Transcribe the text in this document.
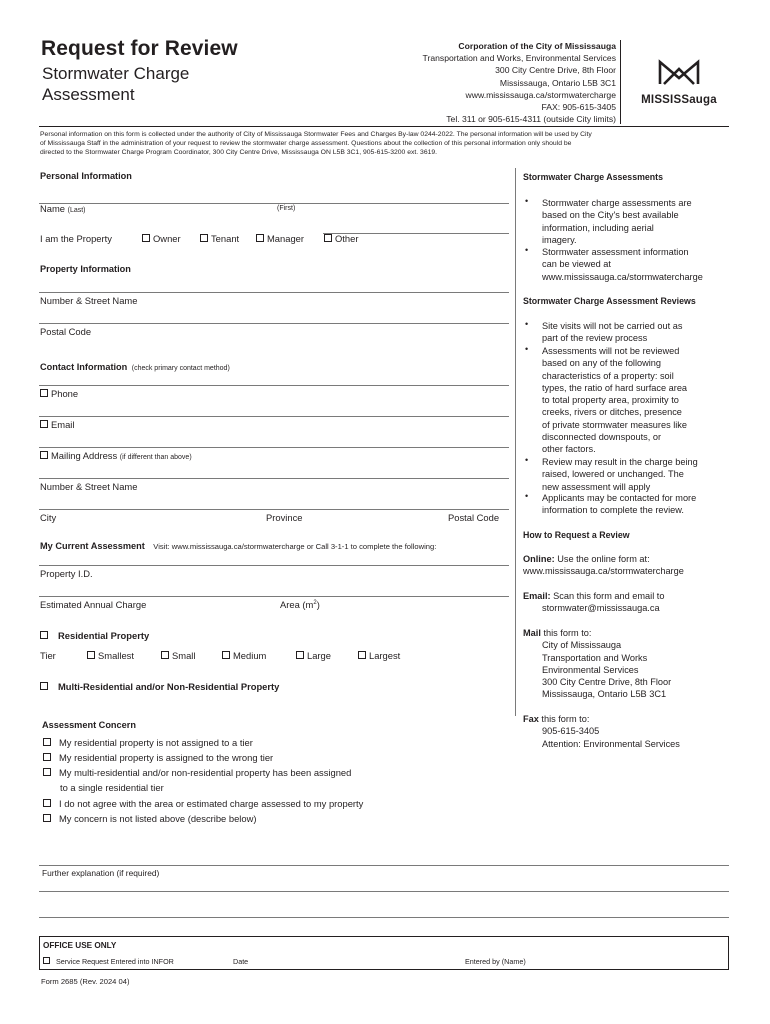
Request for Review
Stormwater Charge
Assessment
Corporation of the City of Mississauga
Transportation and Works, Environmental Services
300 City Centre Drive, 8th Floor
Mississauga, Ontario L5B 3C1
www.mississauga.ca/stormwatercharge
FAX: 905-615-3405
Tel. 311 or 905-615-4311 (outside City limits)
MISSISSauga
Personal information on this form is collected under the authority of City of Mississauga Stormwater Fees and Charges By-law 0244-2022. The personal information will be used by City
of Mississauga Staff in the administration of your request to review the stormwater charge assessment. Questions about the collection of this personal information only should be
directed to the Stormwater Charge Program Coordinator, 300 City Centre Drive, Mississauga ON L5B 3C1, 905-615-3200 ext. 3619.
Personal Information
Name (Last)	(First)
I am the Property	Owner	Tenant	Manager	Other
Property Information
Number & Street Name
Postal Code
Contact Information (check primary contact method)
Phone
Email
Mailing Address (if different than above)
Number & Street Name
City	Province	Postal Code
My Current Assessment Visit: www.mississauga.ca/stormwatercharge or Call 3-1-1 to complete the following:
Property I.D.
Estimated Annual Charge	Area $(m^2)$
Residential Property
Tier	Smallest	Small	Medium	Large	Largest
Multi-Residential and/or Non-Residential Property
Assessment Concern
My residential property is not assigned to a tier
My residential property is assigned to the wrong tier
My multi-residential and/or non-residential property has been assigned
to a single residential tier
I do not agree with the area or estimated charge assessed to my property
My concern is not listed above (describe below)
Further explanation (if required)
OFFICE USE ONLY
Service Request Entered into INFOR	Date	Entered by (Name)
Form 2685 (Rev. 2024 04)
Stormwater Charge Assessments
• Stormwater charge assessments are
based on the City's best available
information, including aerial
imagery.
• Stormwater assessment information
can be viewed at
www.mississauga.ca/stormwatercharge
Stormwater Charge Assessment Reviews
• Site visits will not be carried out as
part of the review process
• Assessments will not be reviewed
based on any of the following
characteristics of a property: soil
types, the ratio of hard surface area
to total property area, proximity to
creeks, rivers or ditches, presence
of private stormwater measures like
disconnected downspouts, or
other factors.
• Review may result in the charge being
raised, lowered or unchanged. The
new assessment will apply
• Applicants may be contacted for more
information to complete the review.
How to Request a Review
Online: Use the online form at:
www.mississauga.ca/stormwatercharge
Email: Scan this form and email to
stormwater@mississauga.ca
Mail this form to:
City of Mississauga
Transportation and Works
Environmental Services
300 City Centre Drive, 8th Floor
Mississauga, Ontario L5B 3C1
Fax this form to:
905-615-3405
Attention: Environmental Services
